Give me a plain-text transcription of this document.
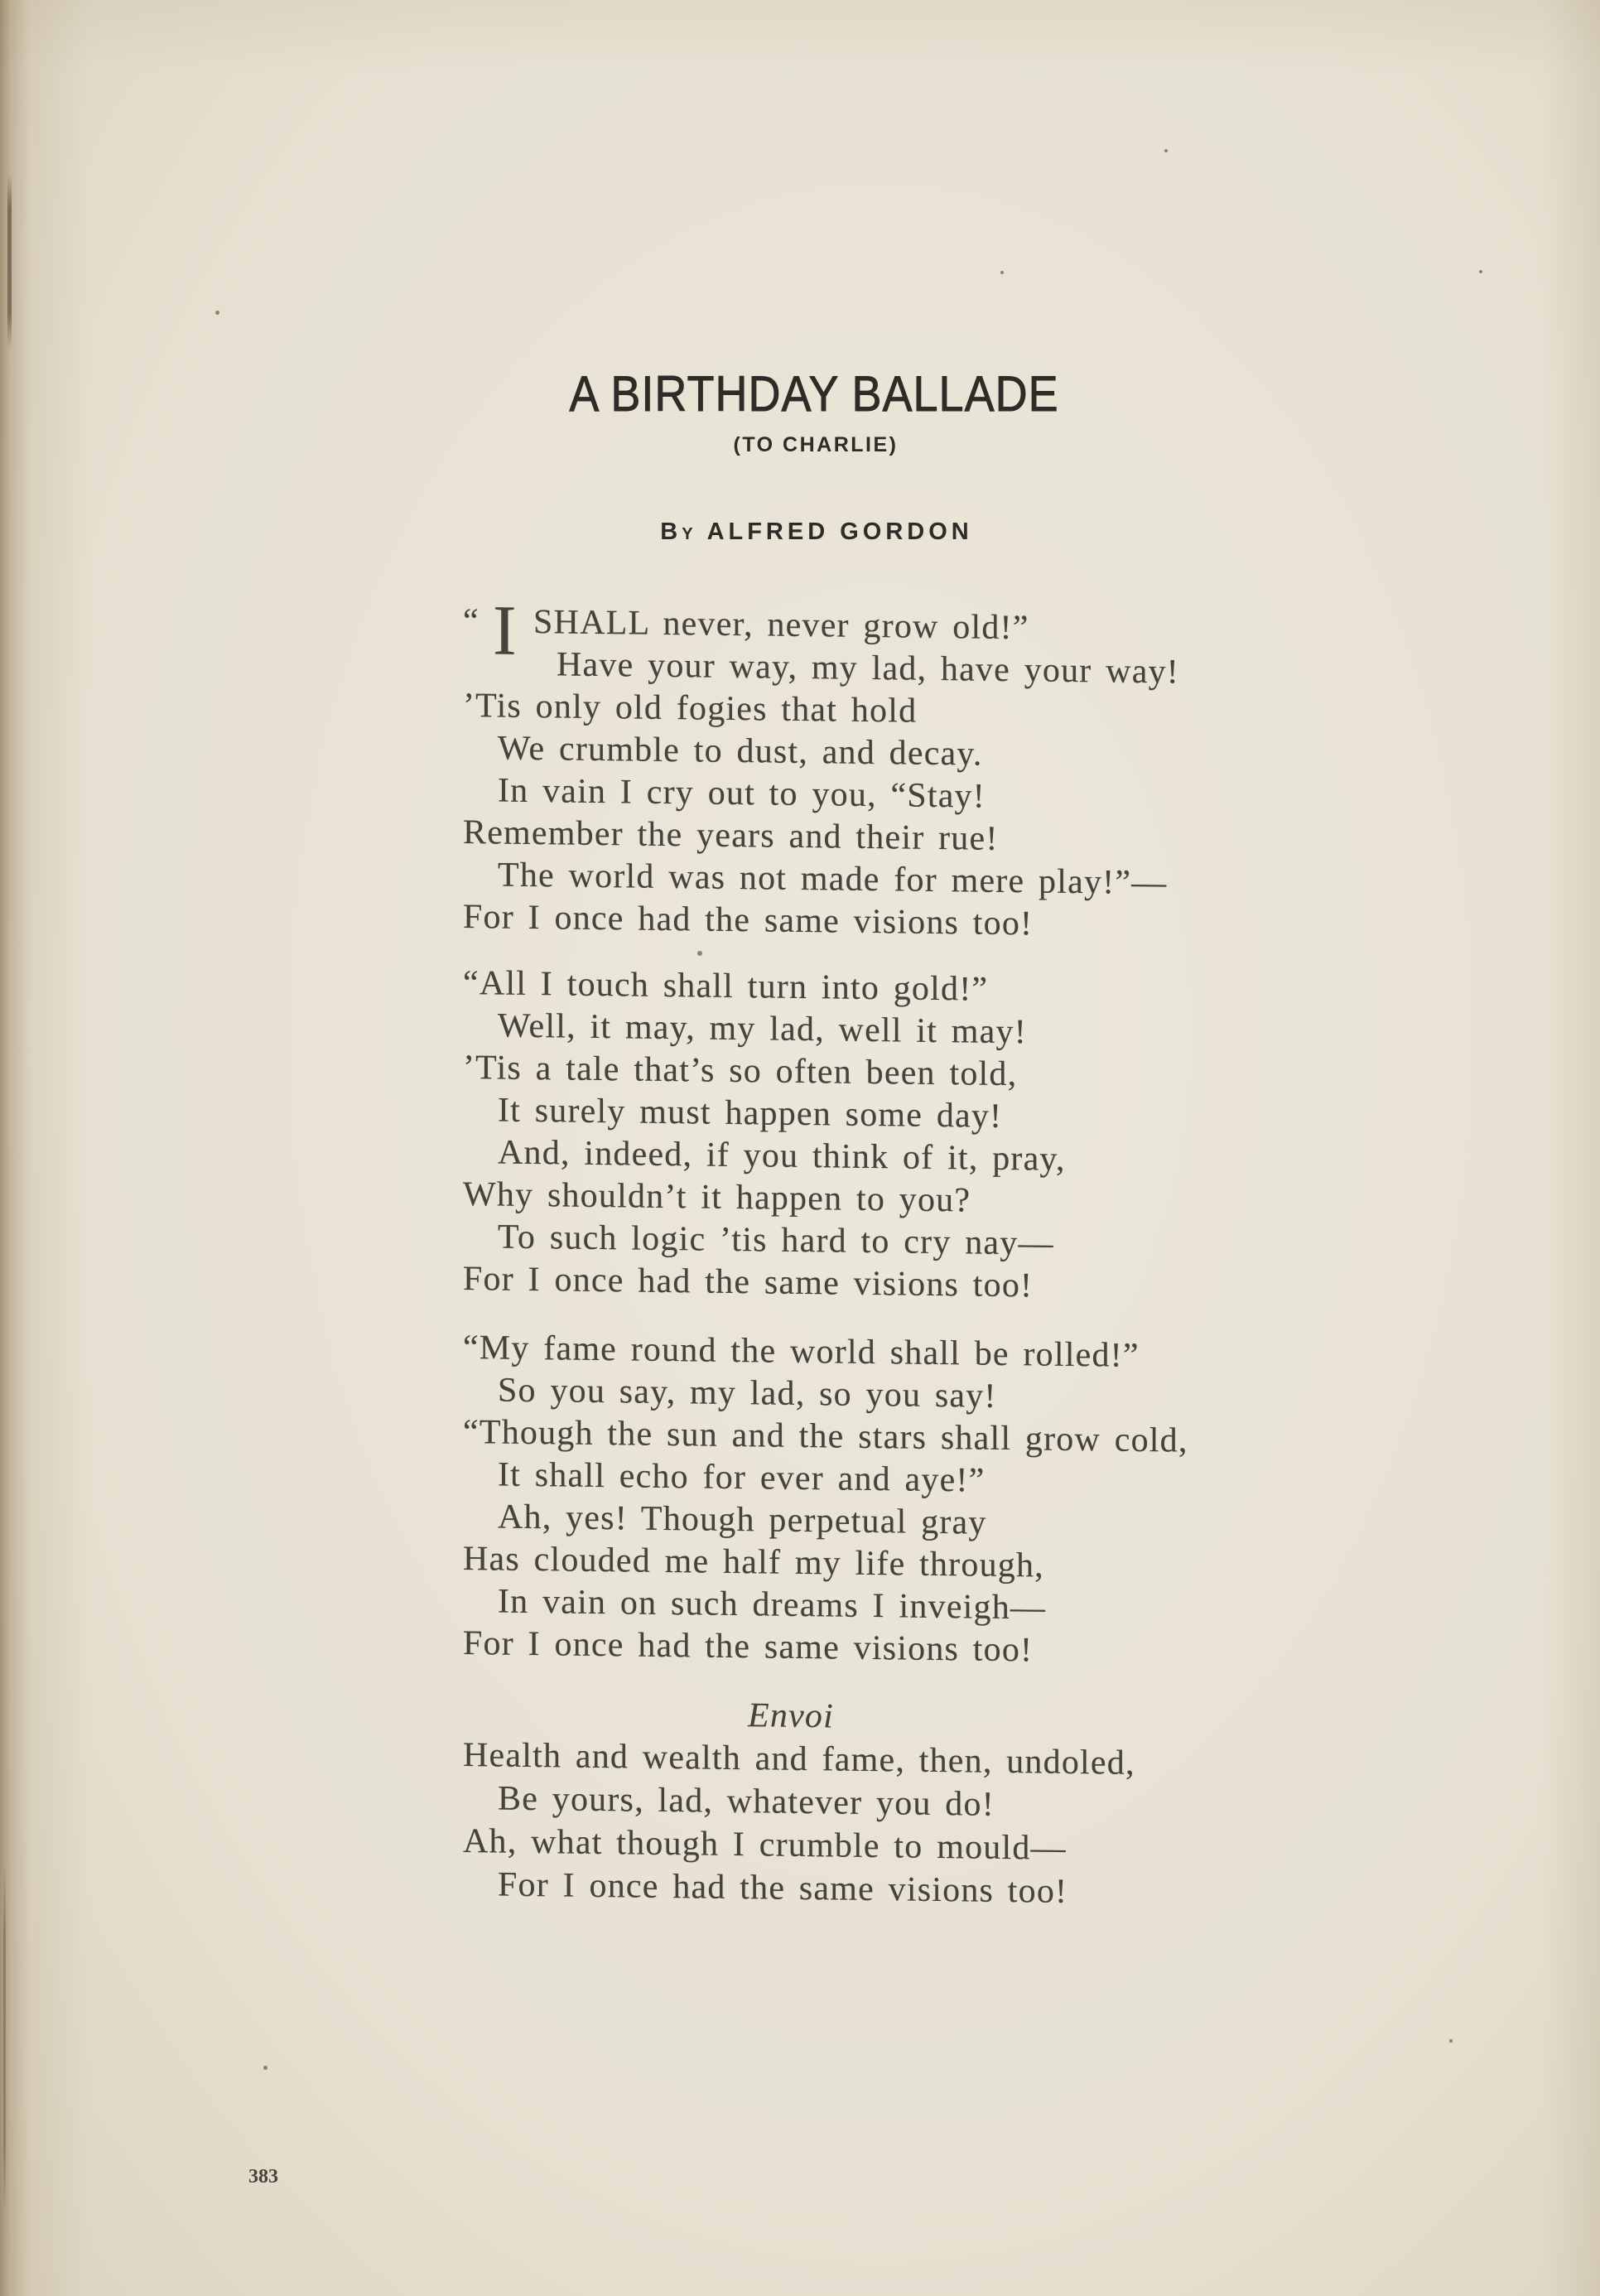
A BIRTHDAY BALLADE
(TO CHARLIE)
By ALFRED GORDON
“ I SHALL never, never grow old!”
Have your way, my lad, have your way!
’Tis only old fogies that hold
We crumble to dust, and decay.
In vain I cry out to you, “Stay!
Remember the years and their rue!
The world was not made for mere play!”—
For I once had the same visions too!
“All I touch shall turn into gold!”
Well, it may, my lad, well it may!
’Tis a tale that’s so often been told,
It surely must happen some day!
And, indeed, if you think of it, pray,
Why shouldn’t it happen to you?
To such logic ’tis hard to cry nay—
For I once had the same visions too!
“My fame round the world shall be rolled!”
So you say, my lad, so you say!
“Though the sun and the stars shall grow cold,
It shall echo for ever and aye!”
Ah, yes! Though perpetual gray
Has clouded me half my life through,
In vain on such dreams I inveigh—
For I once had the same visions too!
Envoi
Health and wealth and fame, then, undoled,
Be yours, lad, whatever you do!
Ah, what though I crumble to mould—
For I once had the same visions too!
383
